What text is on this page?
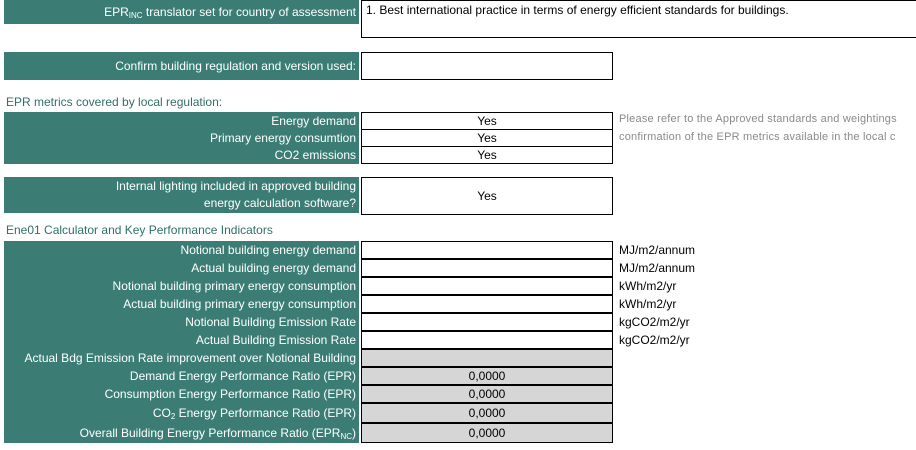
$EPR_{INC}$ translator set for country of assessment 1. Best international practice in terms of energy efficient standards for buildings.
Confirm building regulation and version used:
EPR metrics covered by local regulation:
Energy demand	Yes
Primary energy consumtion	Yes
CO2 emissions	Yes
Please refer to the Approved standards and weightings
confirmation of the EPR metrics available in the local c
Internal lighting included in approved building
energy calculation software?	Yes
Ene01 Calculator and Key Performance Indicators
Notional building energy demand	MJ/m2/annum
Actual building energy demand	MJ/m2/annum
Notional building primary energy consumption	kWh/m2/yr
Actual building primary energy consumption	kWh/m2/yr
Notional Building Emission Rate	kgCO2/m2/yr
Actual Building Emission Rate	kgCO2/m2/yr
Actual Bdg Emission Rate improvement over Notional Building
Demand Energy Performance Ratio (EPR)	0,0000
Consumption Energy Performance Ratio (EPR)	0,0000
$CO_2$ Energy Performance Ratio (EPR)	0,0000
Overall Building Energy Performance Ratio $(EPR_{NC})$	0,0000
